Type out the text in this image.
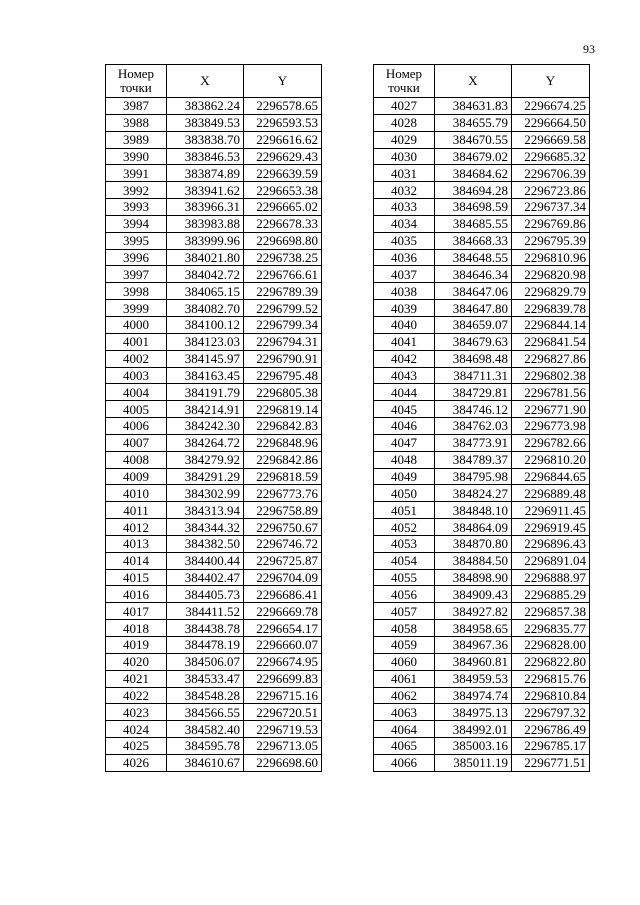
93
Номер
точки	X	Y
3987	383862.24	2296578.65
3988	383849.53	2296593.53
3989	383838.70	2296616.62
3990	383846.53	2296629.43
3991	383874.89	2296639.59
3992	383941.62	2296653.38
3993	383966.31	2296665.02
3994	383983.88	2296678.33
3995	383999.96	2296698.80
3996	384021.80	2296738.25
3997	384042.72	2296766.61
3998	384065.15	2296789.39
3999	384082.70	2296799.52
4000	384100.12	2296799.34
4001	384123.03	2296794.31
4002	384145.97	2296790.91
4003	384163.45	2296795.48
4004	384191.79	2296805.38
4005	384214.91	2296819.14
4006	384242.30	2296842.83
4007	384264.72	2296848.96
4008	384279.92	2296842.86
4009	384291.29	2296818.59
4010	384302.99	2296773.76
4011	384313.94	2296758.89
4012	384344.32	2296750.67
4013	384382.50	2296746.72
4014	384400.44	2296725.87
4015	384402.47	2296704.09
4016	384405.73	2296686.41
4017	384411.52	2296669.78
4018	384438.78	2296654.17
4019	384478.19	2296660.07
4020	384506.07	2296674.95
4021	384533.47	2296699.83
4022	384548.28	2296715.16
4023	384566.55	2296720.51
4024	384582.40	2296719.53
4025	384595.78	2296713.05
4026	384610.67	2296698.60
Номер
точки	X	Y
4027	384631.83	2296674.25
4028	384655.79	2296664.50
4029	384670.55	2296669.58
4030	384679.02	2296685.32
4031	384684.62	2296706.39
4032	384694.28	2296723.86
4033	384698.59	2296737.34
4034	384685.55	2296769.86
4035	384668.33	2296795.39
4036	384648.55	2296810.96
4037	384646.34	2296820.98
4038	384647.06	2296829.79
4039	384647.80	2296839.78
4040	384659.07	2296844.14
4041	384679.63	2296841.54
4042	384698.48	2296827.86
4043	384711.31	2296802.38
4044	384729.81	2296781.56
4045	384746.12	2296771.90
4046	384762.03	2296773.98
4047	384773.91	2296782.66
4048	384789.37	2296810.20
4049	384795.98	2296844.65
4050	384824.27	2296889.48
4051	384848.10	2296911.45
4052	384864.09	2296919.45
4053	384870.80	2296896.43
4054	384884.50	2296891.04
4055	384898.90	2296888.97
4056	384909.43	2296885.29
4057	384927.82	2296857.38
4058	384958.65	2296835.77
4059	384967.36	2296828.00
4060	384960.81	2296822.80
4061	384959.53	2296815.76
4062	384974.74	2296810.84
4063	384975.13	2296797.32
4064	384992.01	2296786.49
4065	385003.16	2296785.17
4066	385011.19	2296771.51
